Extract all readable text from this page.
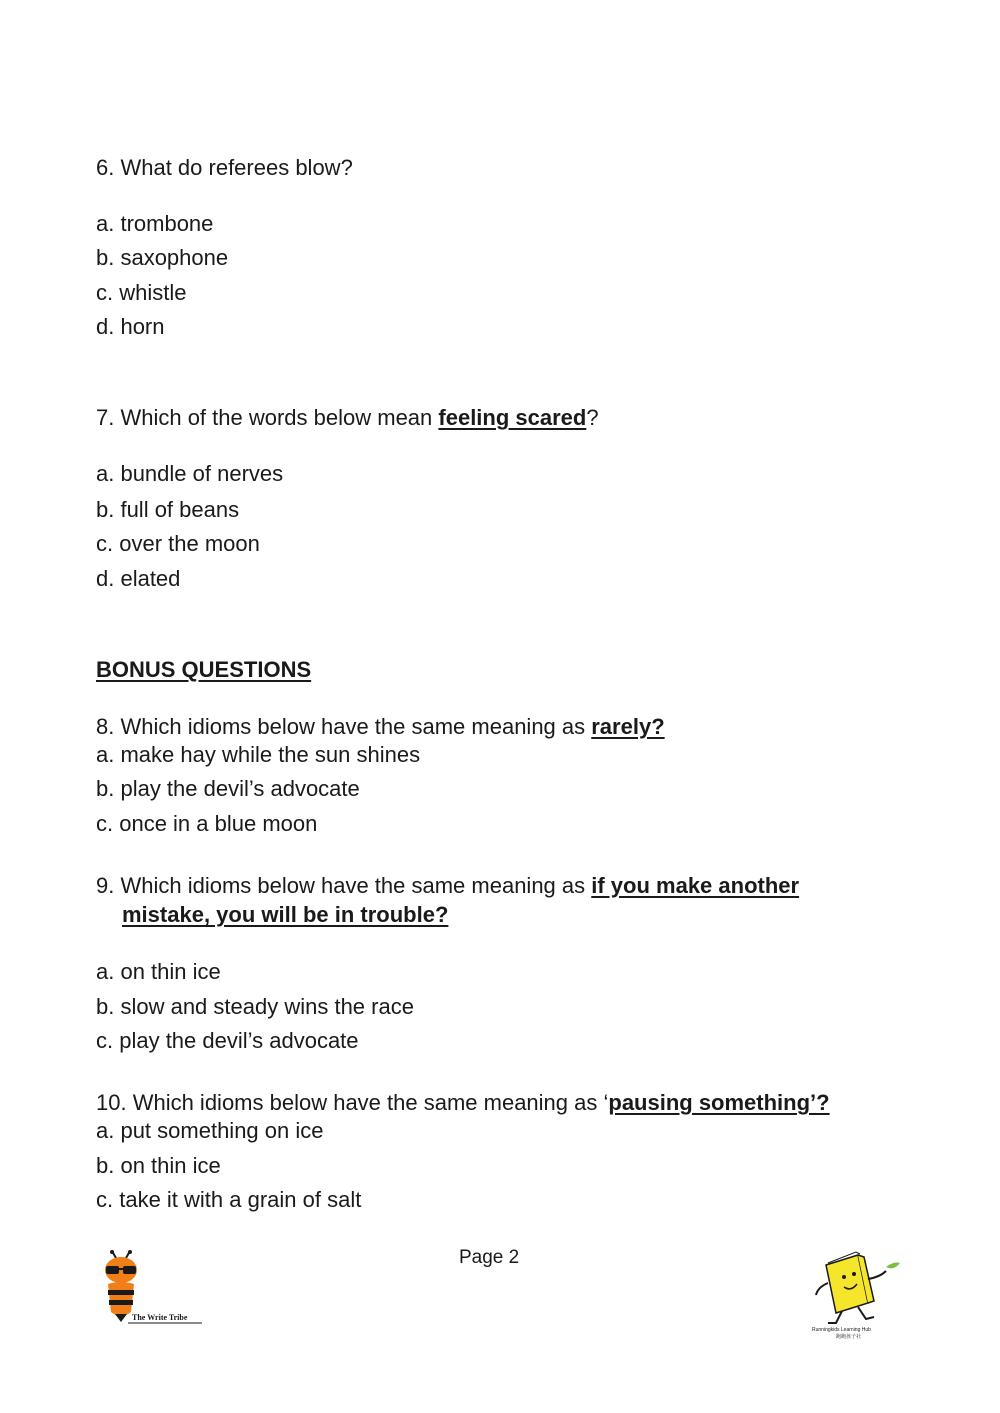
6. What do referees blow?
a. trombone
b. saxophone
c. whistle
d. horn
7. Which of the words below mean feeling scared?
a. bundle of nerves
b. full of beans
c. over the moon
d. elated
BONUS QUESTIONS
8. Which idioms below have the same meaning as rarely?
a. make hay while the sun shines
b. play the devil’s advocate
c. once in a blue moon
9. Which idioms below have the same meaning as if you make another
mistake, you will be in trouble?
a. on thin ice
b. slow and steady wins the race
c. play the devil’s advocate
10. Which idioms below have the same meaning as ‘pausing something’?
a. put something on ice
b. on thin ice
c. take it with a grain of salt
Page 2
The Write Tribe
Runningkids Learning Hub
跑跑孩子社
